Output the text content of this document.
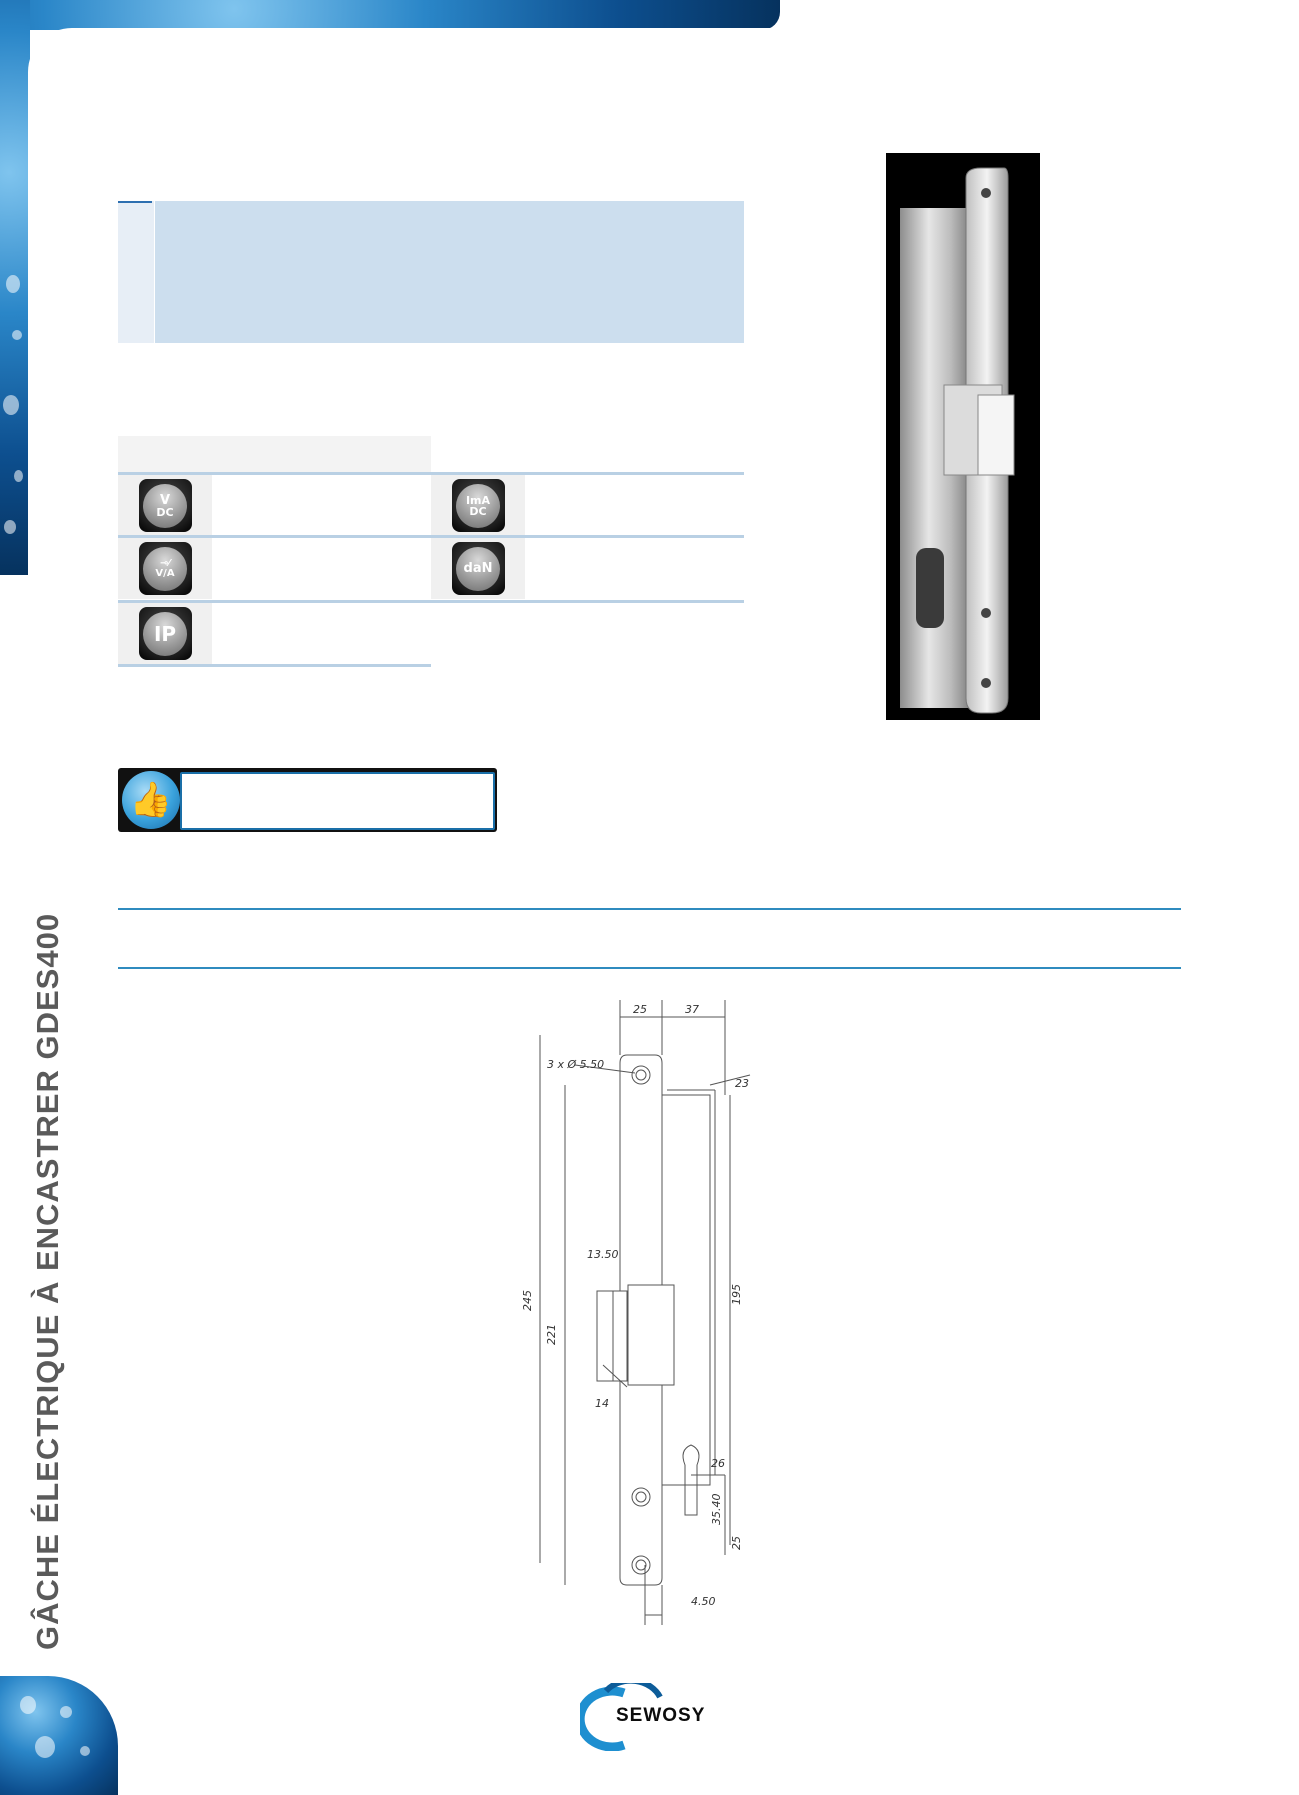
GÂCHE ÉLECTRIQUE À ENCASTRER GDES400
V
DC
ImA
DC
⊸⁄
V/A	daN
IP
👍
25	37
3 x Ø 5.50
23
13.50
245
221
195
14
26
35.40
25
4.50
SEWOSY
